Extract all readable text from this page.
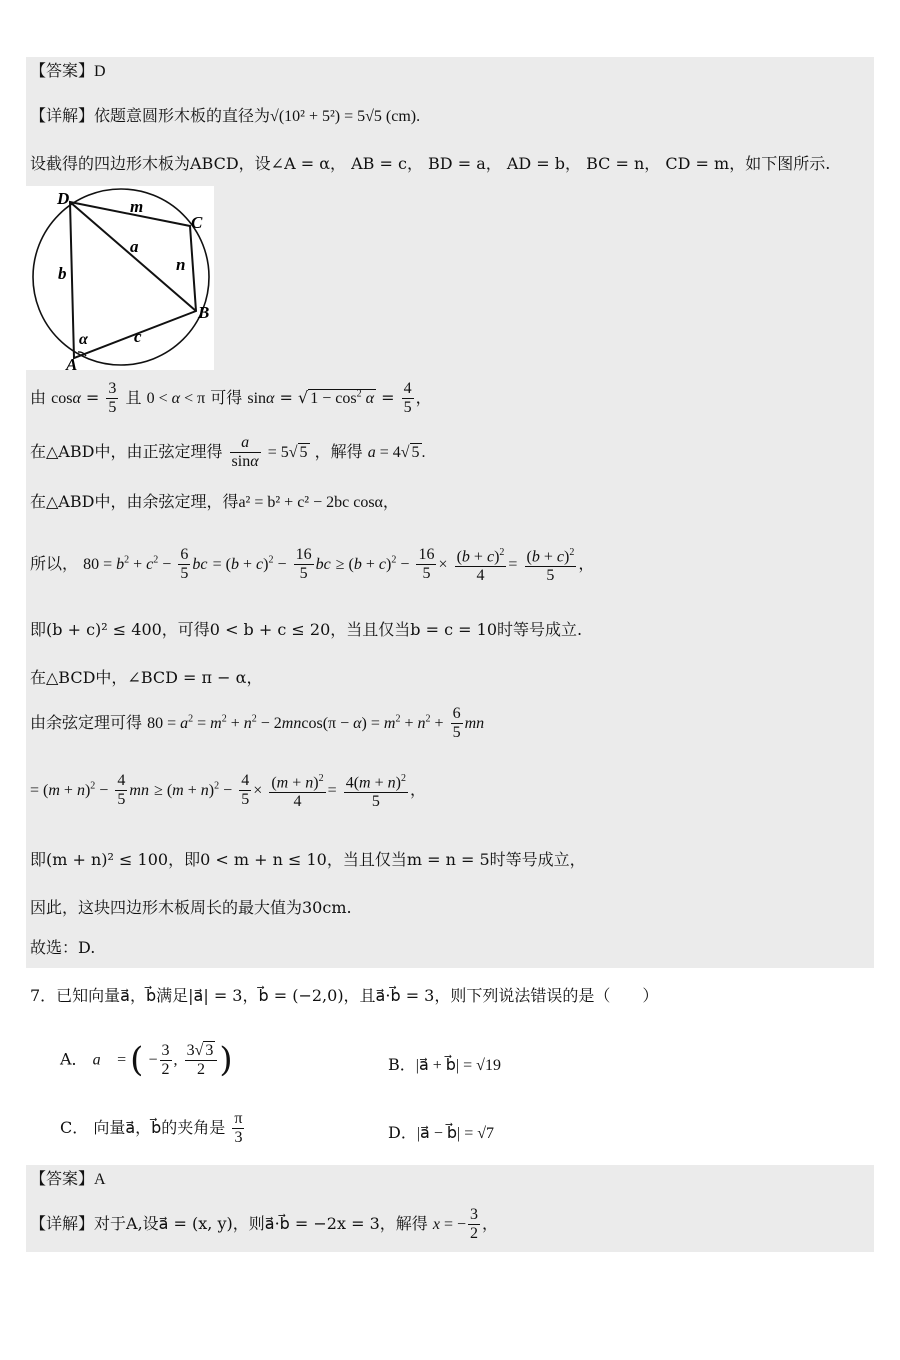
【答案】D
【详解】依题意圆形木板的直径为√(10² + 5²) = 5√5 (cm).
设截得的四边形木板为ABCD，设∠A = α， AB = c， BD = a， AD = b， BC = n， CD = m，如下图所示.
D
C
B
A
m
a
n
b
c
α
由 $\cos\alpha = \frac{3}{5}$ 且 0 < α < π 可得 sinα = √ $1 - \cos^2 \alpha = \frac{4}{5}$ ，
在△ABD中，由正弦定理得 $\frac{a}{\sin\alpha} = 5√$ 5 ，解得 a = 4√ 5 .
在△ABD中，由余弦定理，得a² = b² + c² − 2bc cosα，
所以， $80 = b^2 + c^2 - \frac{6}{5}$ bc = $(b + c)^2 - \frac{16}{5}$ bc ≥ $(b + c)^2 - \frac{16}{5} \times \frac{(b + c)^2}{4} = \frac{(b + c)^2}{5}$ ，
即(b + c)² ≤ 400，可得0 < b + c ≤ 20，当且仅当b = c = 10时等号成立.
在△BCD中，∠BCD = π − α，
由余弦定理可得 $80 = a^2 = m^2 + n^2 - 2mncos(\pi - \alpha) = m^2 + n^2 + \frac{6}{5}$ mn
= $(m + n)^2 - \frac{4}{5}$ mn ≥ $(m + n)^2 - \frac{4}{5} \times \frac{(m + n)^2}{4} = \frac{4(m + n)^2}{5}$ ，
即(m + n)² ≤ 100，即0 < m + n ≤ 10，当且仅当m = n = 5时等号成立，
因此，这块四边形木板周长的最大值为30cm.
故选：D.
7．已知向量a⃗，b⃗满足|a⃗| = 3，b⃗ = (−2,0)，且a⃗·b⃗ = 3，则下列说法错误的是（　　）
A． a⃗ = ( − $\frac{3}{2}$ , $\frac{3√ 3}{2}$ )	B．|a⃗ + b⃗| = √19
C． 向量a⃗，b⃗的夹角是 $\frac{\pi}{3}$	D．|a⃗ − b⃗| = √7
【答案】A
【详解】对于A,设a⃗ = (x, y)，则a⃗·b⃗ = −2x = 3，解得 x = − $\frac{3}{2}$ ，
